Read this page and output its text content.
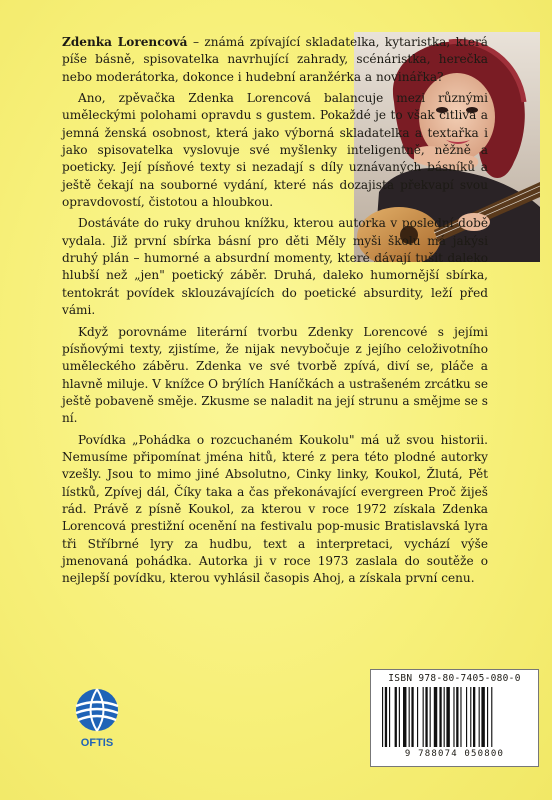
Zdenka Lorencová – známá zpívající skladatelka, kytaristka, která píše básně, spisovatelka navrhující zahrady, scénáristka, herečka nebo moderátorka, dokonce i hudební aranžérka a novinářka?

Ano, zpěvačka Zdenka Lorencová balancuje mezi různými uměleckými polohami opravdu s gustem. Pokaždé je to však citlivá a jemná ženská osobnost, která jako výborná skladatelka a textařka i jako spisovatelka vyslovuje své myšlenky inteligentně, něžně a poeticky. Její písňové texty si nezadají s díly uznávaných básníků a ještě čekají na souborné vydání, které nás dozajista překvapí svou opravdovostí, čistotou a hloubkou.

Dostáváte do ruky druhou knížku, kterou autorka v poslední době vydala. Již první sbírka básní pro děti Měly myši školu má jakýsi druhý plán – humorné a absurdní momenty, které dávají tušit daleko hlubší než „jen" poetický záběr. Druhá, daleko humornější sbírka, tentokrát povídek sklouzávajících do poetické absurdity, leží před vámi.

Když porovnáme literární tvorbu Zdenky Lorencové s jejími písňovými texty, zjistíme, že nijak nevybočuje z jejího celoživotního uměleckého záběru. Zdenka ve své tvorbě zpívá, diví se, pláče a hlavně miluje. V knížce O brýlích Haníčkách a ustrašeném zrcátku se ještě pobaveně směje. Zkusme se naladit na její strunu a smějme se s ní.

Povídka „Pohádka o rozcuchaném Koukolu" má už svou historii. Nemusíme připomínat jména hitů, které z pera této plodné autorky vzešly. Jsou to mimo jiné Absolutno, Cinky linky, Koukol, Žlutá, Pět lístků, Zpívej dál, Číky taka a čas překonávající evergreen Proč žiješ rád. Právě z písně Koukol, za kterou v roce 1972 získala Zdenka Lorencová prestižní ocenění na festivalu pop-music Bratislavská lyra tři Stříbrné lyry za hudbu, text a interpretaci, vychází výše jmenovaná pohádka. Autorka ji v roce 1973 zaslala do soutěže o nejlepší povídku, kterou vyhlásil časopis Ahoj, a získala první cenu.

OFTIS
ISBN 978-80-7405-080-0
9 788074 050800
